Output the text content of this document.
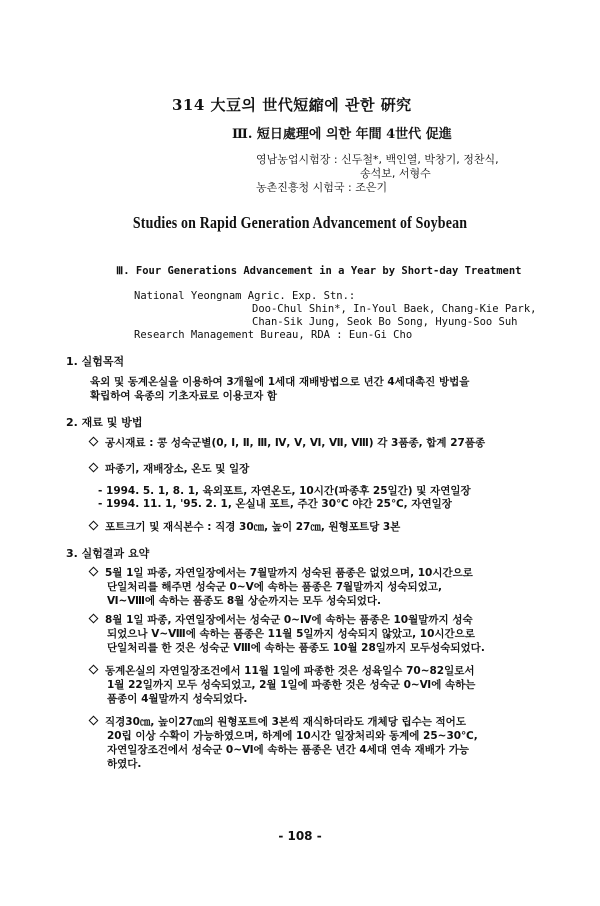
314 大豆의 世代短縮에 관한 硏究
Ⅲ. 短日處理에 의한 年間 4世代 促進
영남농업시험장 : 신두철*, 백인열, 박창기, 정찬식,
송석보, 서형수
농촌진흥청 시험국 : 조은기
Studies on Rapid Generation Advancement of Soybean
Ⅲ. Four Generations Advancement in a Year by Short-day Treatment
National Yeongnam Agric. Exp. Stn.:
Doo-Chul Shin*, In-Youl Baek, Chang-Kie Park,
Chan-Sik Jung, Seok Bo Song, Hyung-Soo Suh
Research Management Bureau, RDA : Eun-Gi Cho
1. 실험목적
육외 및 동계온실을 이용하여 3개월에 1세대 재배방법으로 년간 4세대촉진 방법을
확립하여 육종의 기초자료로 이용코자 함
2. 재료 및 방법
공시재료 : 콩 성숙군별(0, Ⅰ, Ⅱ, Ⅲ, Ⅳ, Ⅴ, Ⅵ, Ⅶ, Ⅷ) 각 3품종, 합계 27품종
파종기, 재배장소, 온도 및 일장
- 1994. 5. 1, 8. 1, 육외포트, 자연온도, 10시간(파종후 25일간) 및 자연일장
- 1994. 11. 1, '95. 2. 1, 온실내 포트, 주간 30℃ 야간 25℃, 자연일장
포트크기 및 재식본수 : 직경 30㎝, 높이 27㎝, 원형포트당 3본
3. 실험결과 요약
5월 1일 파종, 자연일장에서는 7월말까지 성숙된 품종은 없었으며, 10시간으로
단일처리를 해주면 성숙군 0~Ⅴ에 속하는 품종은 7월말까지 성숙되었고,
Ⅵ~Ⅷ에 속하는 품종도 8월 상순까지는 모두 성숙되었다.
8월 1일 파종, 자연일장에서는 성숙군 0~Ⅳ에 속하는 품종은 10월말까지 성숙
되었으나 Ⅴ~Ⅷ에 속하는 품종은 11월 5일까지 성숙되지 않았고, 10시간으로
단일처리를 한 것은 성숙군 Ⅷ에 속하는 품종도 10월 28일까지 모두성숙되었다.
동계온실의 자연일장조건에서 11월 1일에 파종한 것은 성육일수 70~82일로서
1월 22일까지 모두 성숙되었고, 2월 1일에 파종한 것은 성숙군 0~Ⅵ에 속하는
품종이 4월말까지 성숙되었다.
직경30㎝, 높이27㎝의 원형포트에 3본씩 재식하더라도 개체당 립수는 적어도
20립 이상 수확이 가능하였으며, 하계에 10시간 일장처리와 동계에 25~30℃,
자연일장조건에서 성숙군 0~Ⅵ에 속하는 품종은 년간 4세대 연속 재배가 가능
하였다.
- 108 -
